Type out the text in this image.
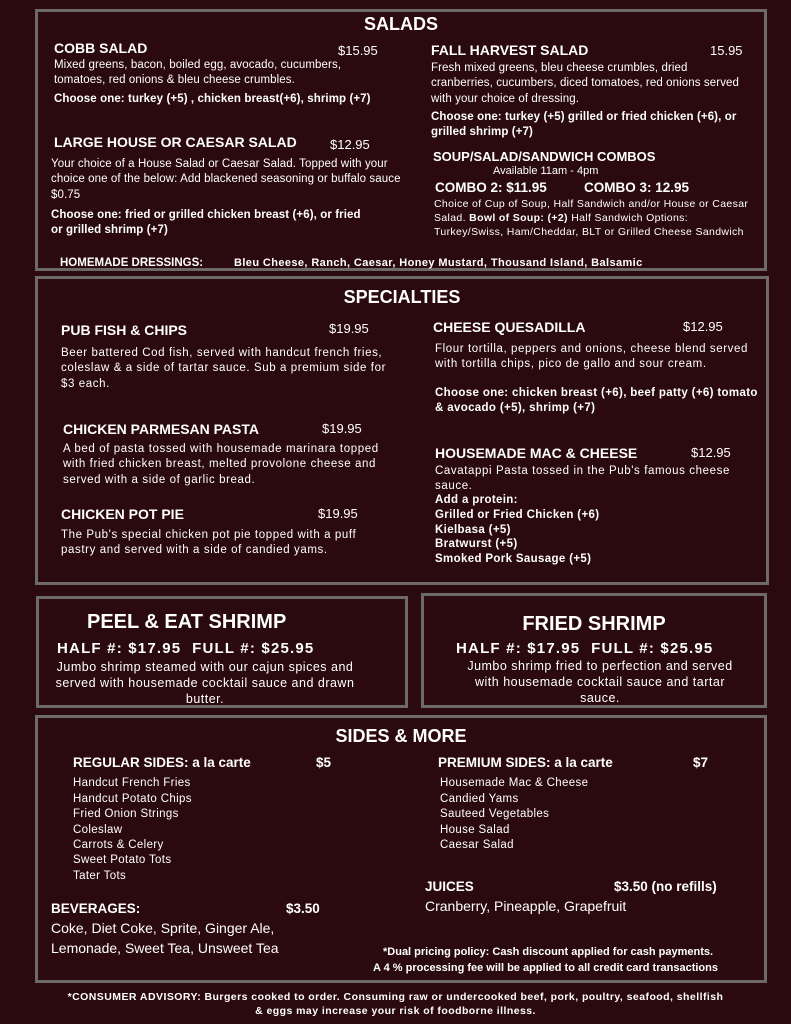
SALADS
COBB SALAD	$15.95
Mixed greens, bacon, boiled egg, avocado, cucumbers, tomatoes, red onions & bleu cheese crumbles.
Choose one: turkey (+5) , chicken breast(+6), shrimp (+7)
LARGE HOUSE OR CAESAR SALAD	$12.95
Your choice of a House Salad or Caesar Salad. Topped with your choice one of the below: Add blackened seasoning or buffalo sauce $0.75
Choose one: fried or grilled chicken breast (+6), or fried or grilled shrimp (+7)
FALL HARVEST SALAD	15.95
Fresh mixed greens, bleu cheese crumbles, dried cranberries, cucumbers, diced tomatoes, red onions served with your choice of dressing.
Choose one: turkey (+5) grilled or fried chicken (+6), or grilled shrimp (+7)
SOUP/SALAD/SANDWICH COMBOS
Available 11am - 4pm
COMBO 2: $11.95	COMBO 3: 12.95
Choice of Cup of Soup, Half Sandwich and/or House or Caesar Salad. Bowl of Soup: (+2) Half Sandwich Options: Turkey/Swiss, Ham/Cheddar, BLT or Grilled Cheese Sandwich
HOMEMADE DRESSINGS:	Bleu Cheese, Ranch, Caesar, Honey Mustard, Thousand Island, Balsamic
SPECIALTIES
PUB FISH & CHIPS	$19.95
Beer battered Cod fish, served with handcut french fries, coleslaw & a side of tartar sauce. Sub a premium side for $3 each.
CHICKEN PARMESAN PASTA	$19.95
A bed of pasta tossed with housemade marinara topped with fried chicken breast, melted provolone cheese and served with a side of garlic bread.
CHICKEN POT PIE	$19.95
The Pub's special chicken pot pie topped with a puff pastry and served with a side of candied yams.
CHEESE QUESADILLA	$12.95
Flour tortilla, peppers and onions, cheese blend served with tortilla chips, pico de gallo and sour cream.
Choose one: chicken breast (+6), beef patty (+6) tomato & avocado (+5), shrimp (+7)
HOUSEMADE MAC & CHEESE	$12.95
Cavatappi Pasta tossed in the Pub's famous cheese sauce.
Add a protein:
Grilled or Fried Chicken (+6)
Kielbasa (+5)
Bratwurst (+5)
Smoked Pork Sausage (+5)
PEEL & EAT SHRIMP
HALF #: $17.95  FULL #: $25.95
Jumbo shrimp steamed with our cajun spices and served with housemade cocktail sauce and drawn butter.
FRIED SHRIMP
HALF #: $17.95  FULL #: $25.95
Jumbo shrimp fried to perfection and served with housemade cocktail sauce and tartar sauce.
SIDES & MORE
REGULAR SIDES: a la carte	$5
Handcut French Fries
Handcut Potato Chips
Fried Onion Strings
Coleslaw
Carrots & Celery
Sweet Potato Tots
Tater Tots
PREMIUM SIDES: a la carte	$7
Housemade Mac & Cheese
Candied Yams
Sauteed Vegetables
House Salad
Caesar Salad
JUICES	$3.50 (no refills)
Cranberry, Pineapple, Grapefruit
BEVERAGES:	$3.50
Coke, Diet Coke, Sprite, Ginger Ale,
Lemonade, Sweet Tea, Unsweet Tea	*Dual pricing policy: Cash discount applied for cash payments.
A 4 % processing fee will be applied to all credit card transactions
*CONSUMER ADVISORY: Burgers cooked to order. Consuming raw or undercooked beef, pork, poultry, seafood, shellfish
& eggs may increase your risk of foodborne illness.
